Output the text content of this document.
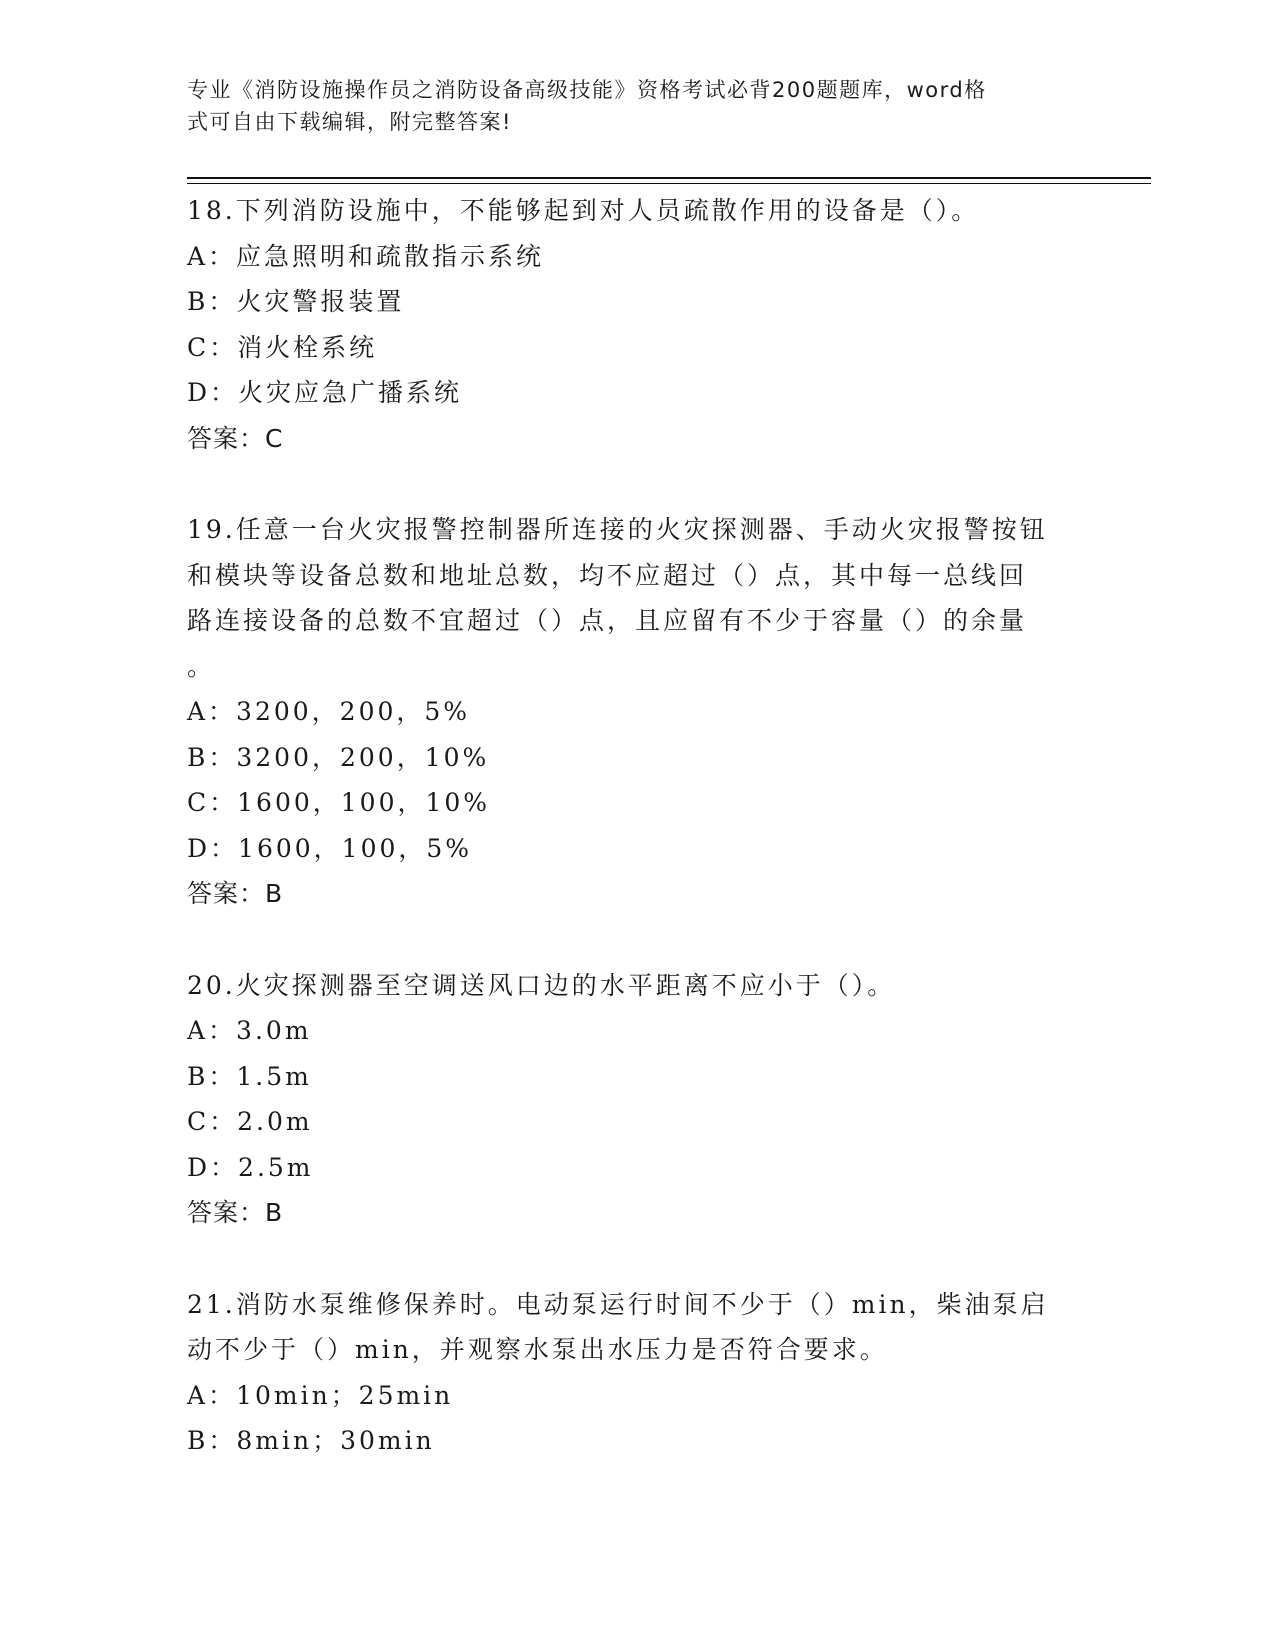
专业《消防设施操作员之消防设备高级技能》资格考试必背200题题库，word格
式可自由下载编辑，附完整答案!
18.下列消防设施中，不能够起到对人员疏散作用的设备是（）。
A：应急照明和疏散指示系统
B：火灾警报装置
C：消火栓系统
D：火灾应急广播系统
答案：C
19.任意一台火灾报警控制器所连接的火灾探测器、手动火灾报警按钮
和模块等设备总数和地址总数，均不应超过（）点，其中每一总线回
路连接设备的总数不宜超过（）点，且应留有不少于容量（）的余量
。
A：3200，200，5%
B：3200，200，10%
C：1600，100，10%
D：1600，100，5%
答案：B
20.火灾探测器至空调送风口边的水平距离不应小于（）。
A：3.0m
B：1.5m
C：2.0m
D：2.5m
答案：B
21.消防水泵维修保养时。电动泵运行时间不少于（）min，柴油泵启
动不少于（）min，并观察水泵出水压力是否符合要求。
A：10min；25min
B：8min；30min
